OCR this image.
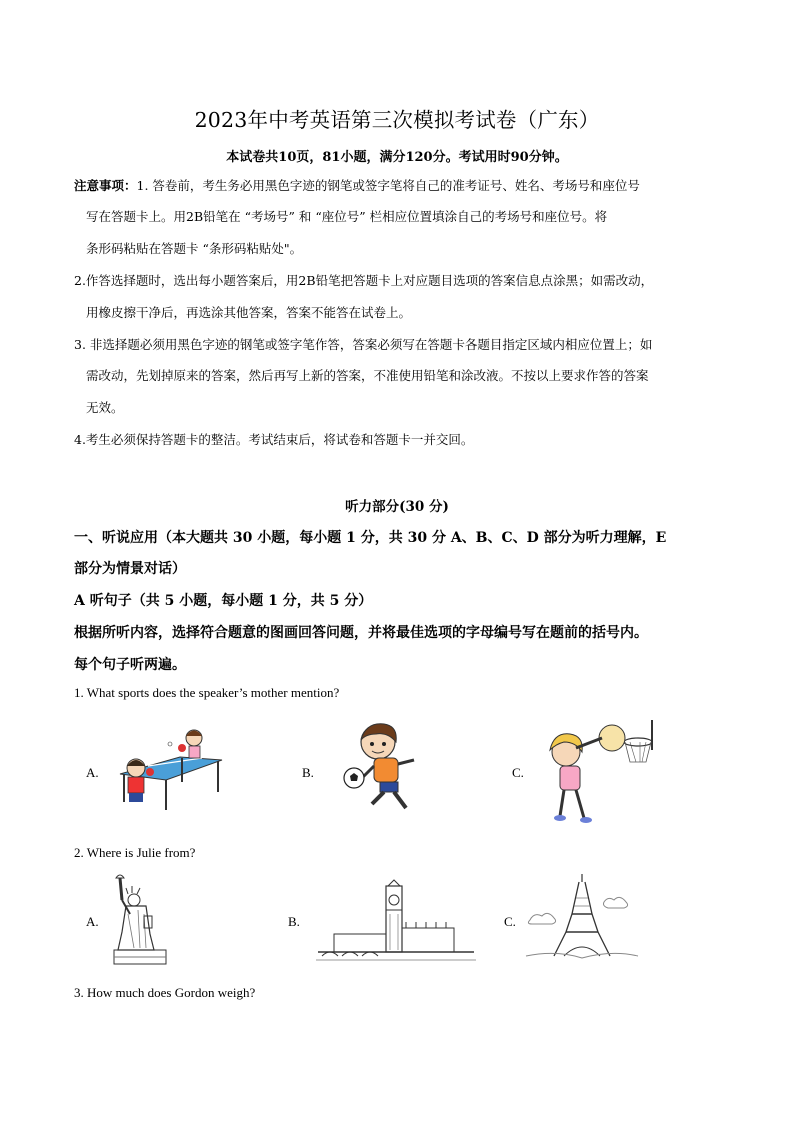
2023年中考英语第三次模拟考试卷（广东）
本试卷共10页，81小题，满分120分。考试用时90分钟。
注意事项：1. 答卷前，考生务必用黑色字迹的钢笔或签字笔将自己的准考证号、姓名、考场号和座位号
写在答题卡上。用2B铅笔在 “考场号” 和 “座位号” 栏相应位置填涂自己的考场号和座位号。将
条形码粘贴在答题卡 “条形码粘贴处"。
2.作答选择题时，选出每小题答案后，用2B铅笔把答题卡上对应题目选项的答案信息点涂黑；如需改动，
用橡皮擦干净后，再选涂其他答案，答案不能答在试卷上。
3. 非选择题必须用黑色字迹的钢笔或签字笔作答，答案必须写在答题卡各题目指定区域内相应位置上；如
需改动，先划掉原来的答案，然后再写上新的答案，不准使用铅笔和涂改液。不按以上要求作答的答案
无效。
4.考生必须保持答题卡的整洁。考试结束后，将试卷和答题卡一并交回。
听力部分(30 分)
一、听说应用（本大题共 30 小题，每小题 1 分，共 30 分 A、B、C、D 部分为听力理解，E
部分为情景对话）
A 听句子（共 5 小题，每小题 1 分，共 5 分）
根据所听内容，选择符合题意的图画回答问题，并将最佳选项的字母编号写在题前的括号内。
每个句子听两遍。
1. What sports does the speaker’s mother mention?
A.	B.	C.
2. Where is Julie from?
A.	B.	C.
3. How much does Gordon weigh?
